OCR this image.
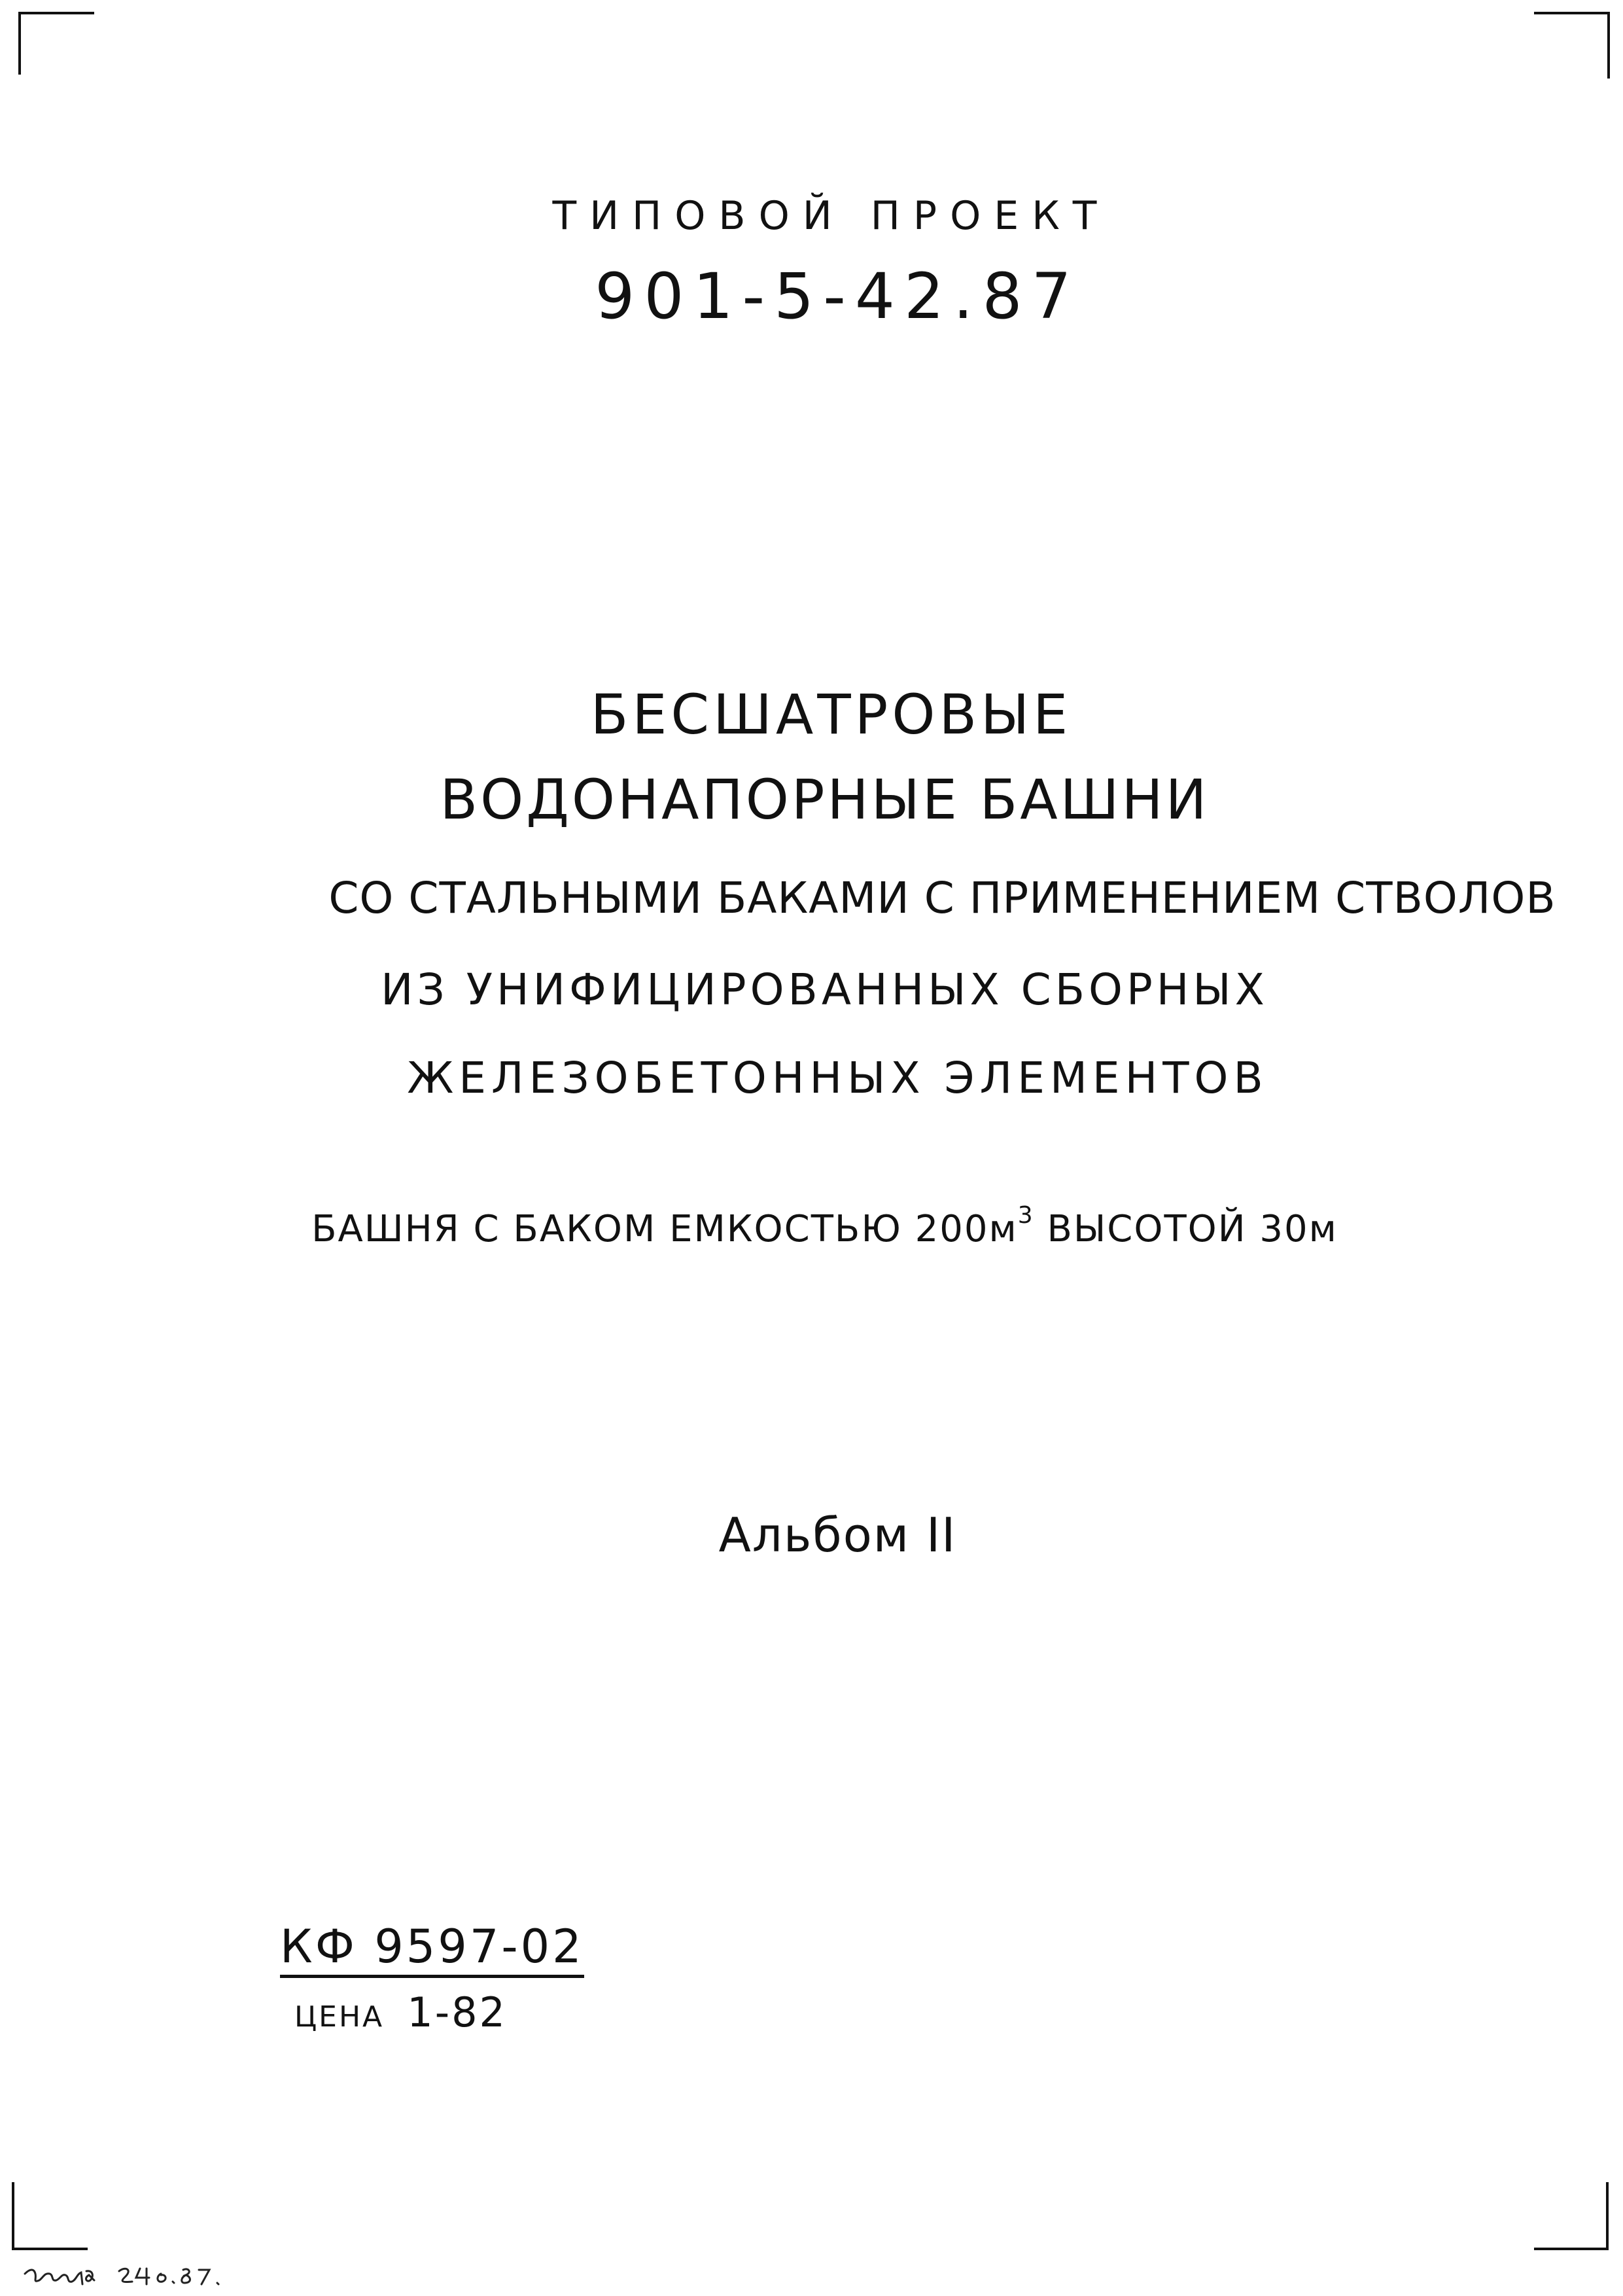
ТИПОВОЙ ПРОЕКТ
901-5-42.87
БЕСШАТРОВЫЕ
ВОДОНАПОРНЫЕ БАШНИ
СО СТАЛЬНЫМИ БАКАМИ С ПРИМЕНЕНИЕМ СТВОЛОВ
ИЗ УНИФИЦИРОВАННЫХ СБОРНЫХ
ЖЕЛЕЗОБЕТОННЫХ ЭЛЕМЕНТОВ
БАШНЯ С БАКОМ ЕМКОСТЬЮ $200м^3$ ВЫСОТОЙ 30м
Альбом II
КФ 9597-02
ЦЕНА 1-82
